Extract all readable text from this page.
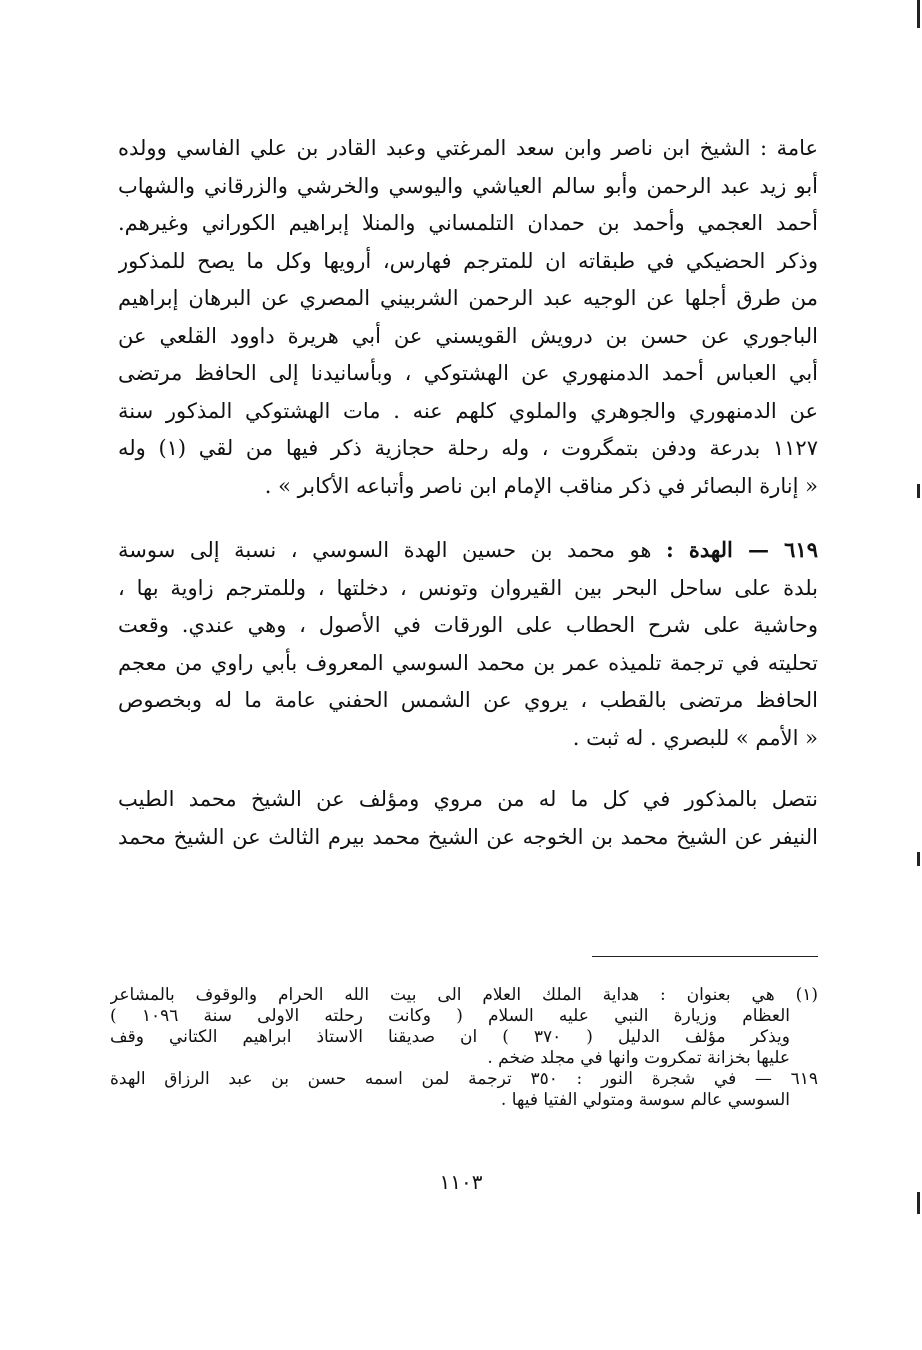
عامة : الشيخ ابن ناصر وابن سعد المرغتي وعبد القادر بن علي الفاسي وولده
أبو زيد عبد الرحمن وأبو سالم العياشي واليوسي والخرشي والزرقاني والشهاب
أحمد العجمي وأحمد بن حمدان التلمساني والمنلا إبراهيم الكوراني وغيرهم.
وذكر الحضيكي في طبقاته ان للمترجم فهارس، أرويها وكل ما يصح للمذكور
من طرق أجلها عن الوجيه عبد الرحمن الشربيني المصري عن البرهان إبراهيم
الباجوري عن حسن بن درويش القويسني عن أبي هريرة داوود القلعي عن
أبي العباس أحمد الدمنهوري عن الهشتوكي ، وبأسانيدنا إلى الحافظ مرتضى
عن الدمنهوري والجوهري والملوي كلهم عنه . مات الهشتوكي المذكور سنة
١١٢٧ بدرعة ودفن بتمگروت ، وله رحلة حجازية ذكر فيها من لقي (١) وله
« إنارة البصائر في ذكر مناقب الإمام ابن ناصر وأتباعه الأكابر » .

٦١٩ — الهدة : هو محمد بن حسين الهدة السوسي ، نسبة إلى سوسة
بلدة على ساحل البحر بين القيروان وتونس ، دخلتها ، وللمترجم زاوية بها ،
وحاشية على شرح الحطاب على الورقات في الأصول ، وهي عندي. وقعت
تحليته في ترجمة تلميذه عمر بن محمد السوسي المعروف بأبي راوي من معجم
الحافظ مرتضى بالقطب ، يروي عن الشمس الحفني عامة ما له وبخصوص
« الأمم » للبصري . له ثبت .

نتصل بالمذكور في كل ما له من مروي ومؤلف عن الشيخ محمد الطيب
النيفر عن الشيخ محمد بن الخوجه عن الشيخ محمد بيرم الثالث عن الشيخ محمد

(١) هي بعنوان : هداية الملك العلام الى بيت الله الحرام والوقوف بالمشاعر
العظام وزيارة النبي عليه السلام ( وكانت رحلته الاولى سنة ١٠٩٦ )
ويذكر مؤلف الدليل ( ٣٧٠ ) ان صديقنا الاستاذ ابراهيم الكتاني وقف
عليها بخزانة تمكروت وانها في مجلد ضخم .

٦١٩ — في شجرة النور : ٣٥٠ ترجمة لمن اسمه حسن بن عبد الرزاق الهدة
السوسي عالم سوسة ومتولي الفتيا فيها .

١١٠٣
